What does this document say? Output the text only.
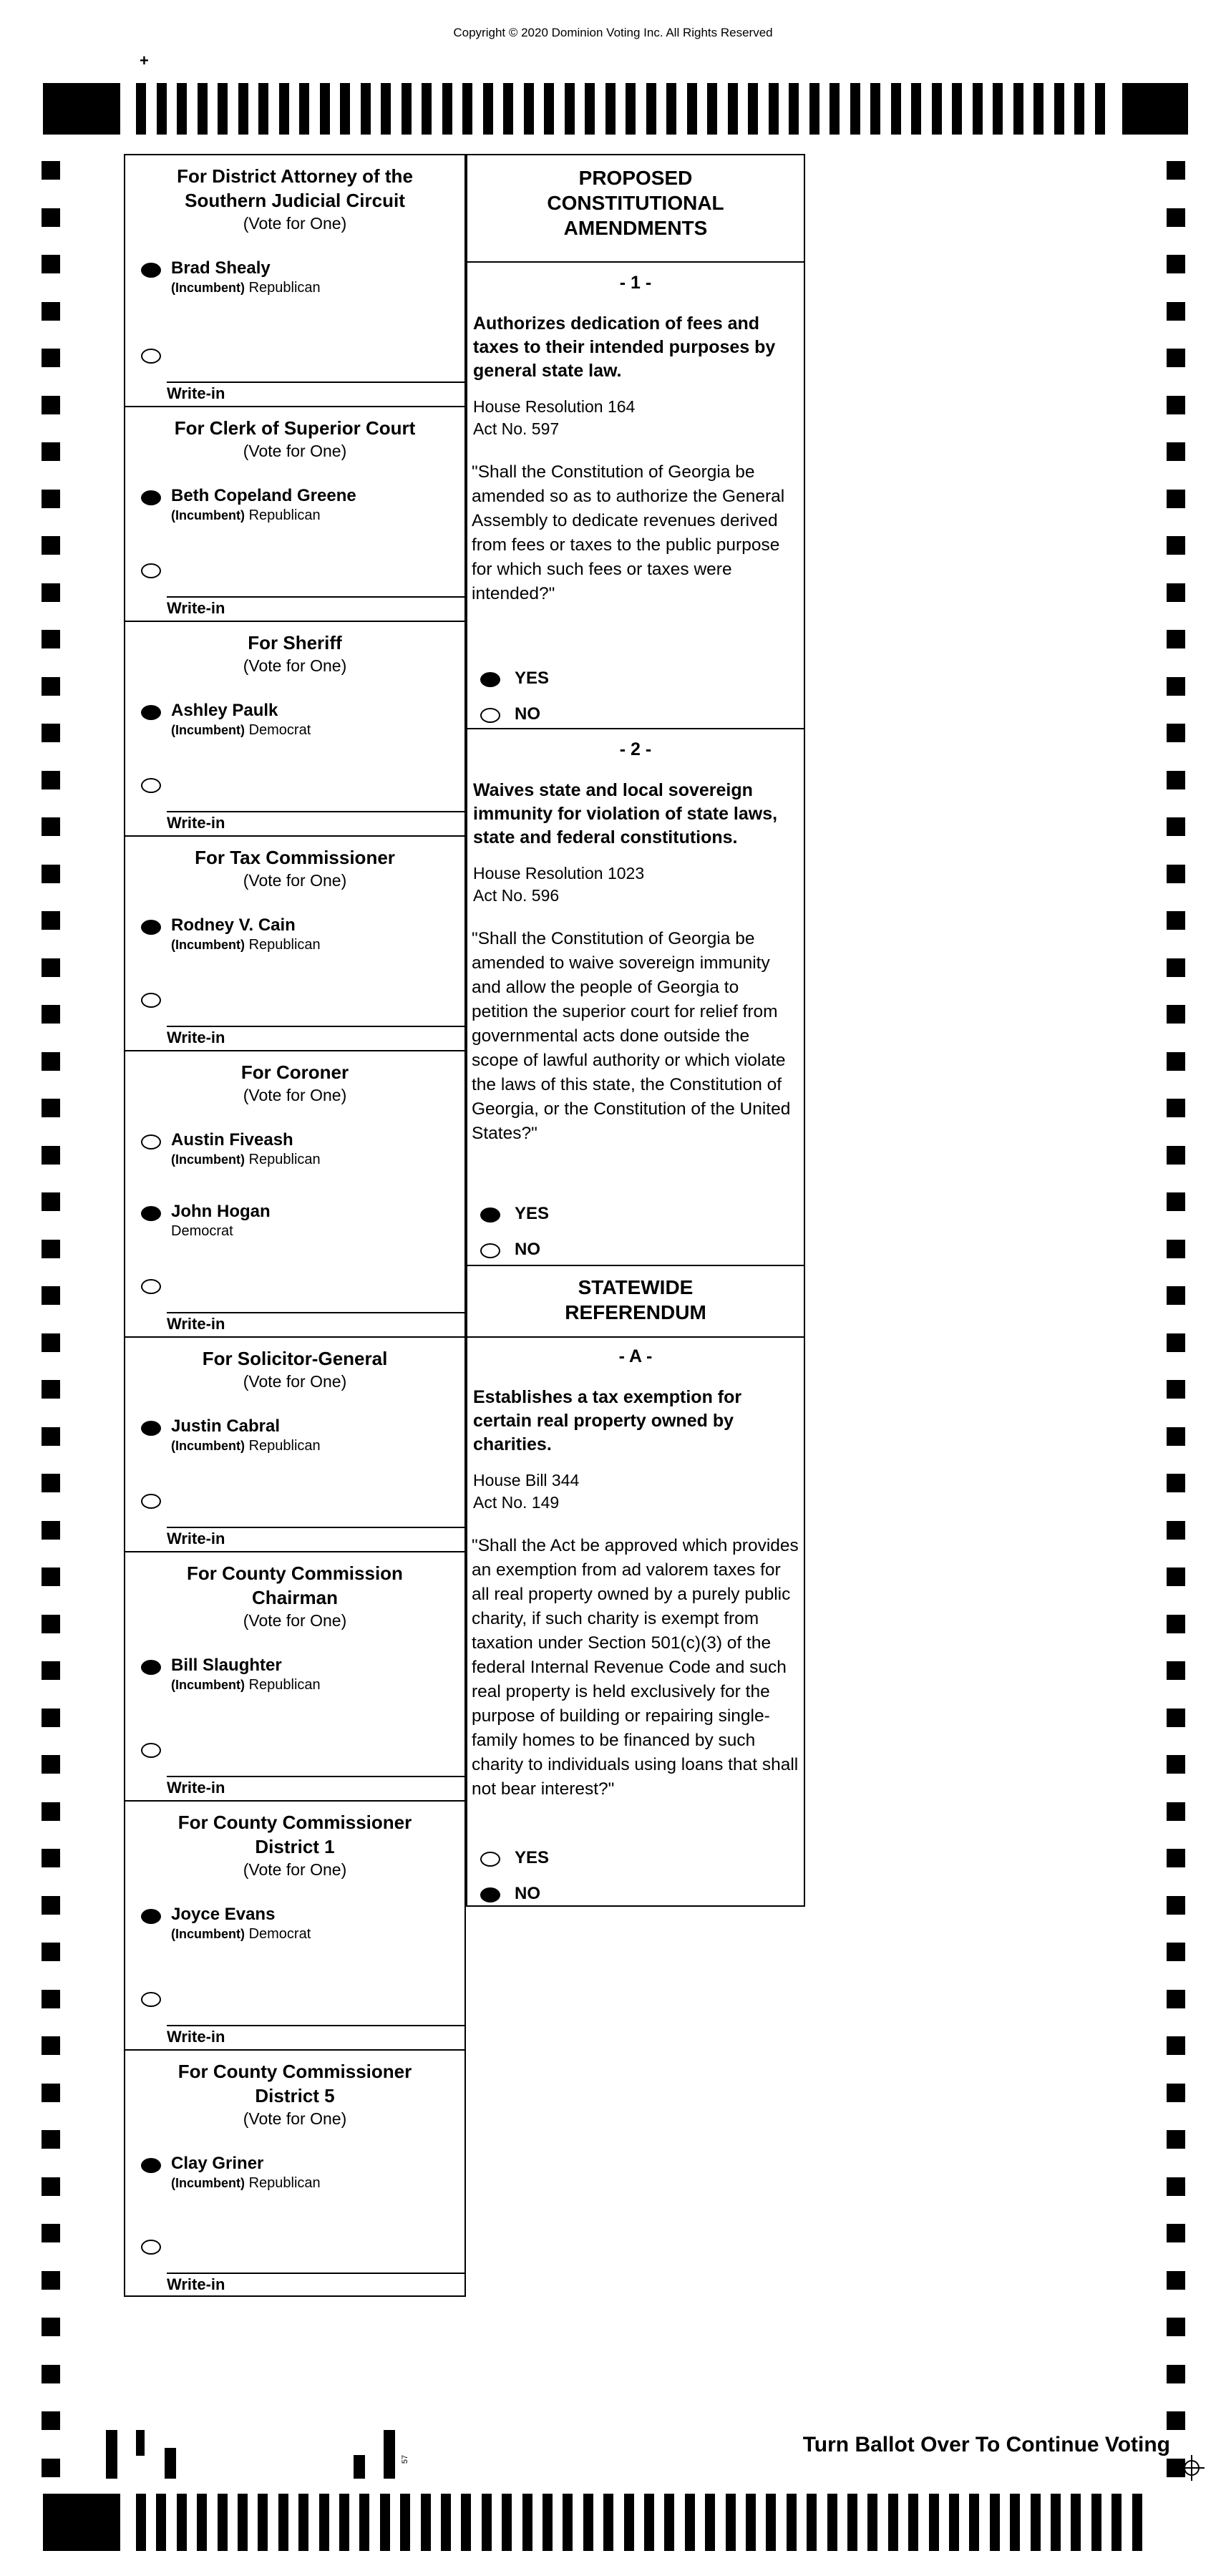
Copyright © 2020 Dominion Voting Inc. All Rights Reserved
+
For District Attorney of the
Southern Judicial Circuit
(Vote for One)
Brad Shealy
(Incumbent) Republican
Write-in
For Clerk of Superior Court
(Vote for One)
Beth Copeland Greene
(Incumbent) Republican
Write-in
For Sheriff
(Vote for One)
Ashley Paulk
(Incumbent) Democrat
Write-in
For Tax Commissioner
(Vote for One)
Rodney V. Cain
(Incumbent) Republican
Write-in
For Coroner
(Vote for One)
Austin Fiveash
(Incumbent) Republican
John Hogan
Democrat
Write-in
For Solicitor-General
(Vote for One)
Justin Cabral
(Incumbent) Republican
Write-in
For County Commission
Chairman
(Vote for One)
Bill Slaughter
(Incumbent) Republican
Write-in
For County Commissioner
District 1
(Vote for One)
Joyce Evans
(Incumbent) Democrat
Write-in
For County Commissioner
District 5
(Vote for One)
Clay Griner
(Incumbent) Republican
Write-in
PROPOSED
CONSTITUTIONAL
AMENDMENTS
- 1 -
Authorizes dedication of fees and taxes to their intended purposes by general state law.
House Resolution 164
Act No. 597
"Shall the Constitution of Georgia be amended so as to authorize the General Assembly to dedicate revenues derived from fees or taxes to the public purpose for which such fees or taxes were intended?"
YES
NO
- 2 -
Waives state and local sovereign immunity for violation of state laws, state and federal constitutions.
House Resolution 1023
Act No. 596
"Shall the Constitution of Georgia be amended to waive sovereign immunity and allow the people of Georgia to petition the superior court for relief from governmental acts done outside the scope of lawful authority or which violate the laws of this state, the Constitution of Georgia, or the Constitution of the United States?"
YES
NO
STATEWIDE
REFERENDUM
- A -
Establishes a tax exemption for certain real property owned by charities.
House Bill 344
Act No. 149
"Shall the Act be approved which provides an exemption from ad valorem taxes for all real property owned by a purely public charity, if such charity is exempt from taxation under Section 501(c)(3) of the federal Internal Revenue Code and such real property is held exclusively for the purpose of building or repairing single-family homes to be financed by such charity to individuals using loans that shall not bear interest?"
YES
NO
57
Turn Ballot Over To Continue Voting
